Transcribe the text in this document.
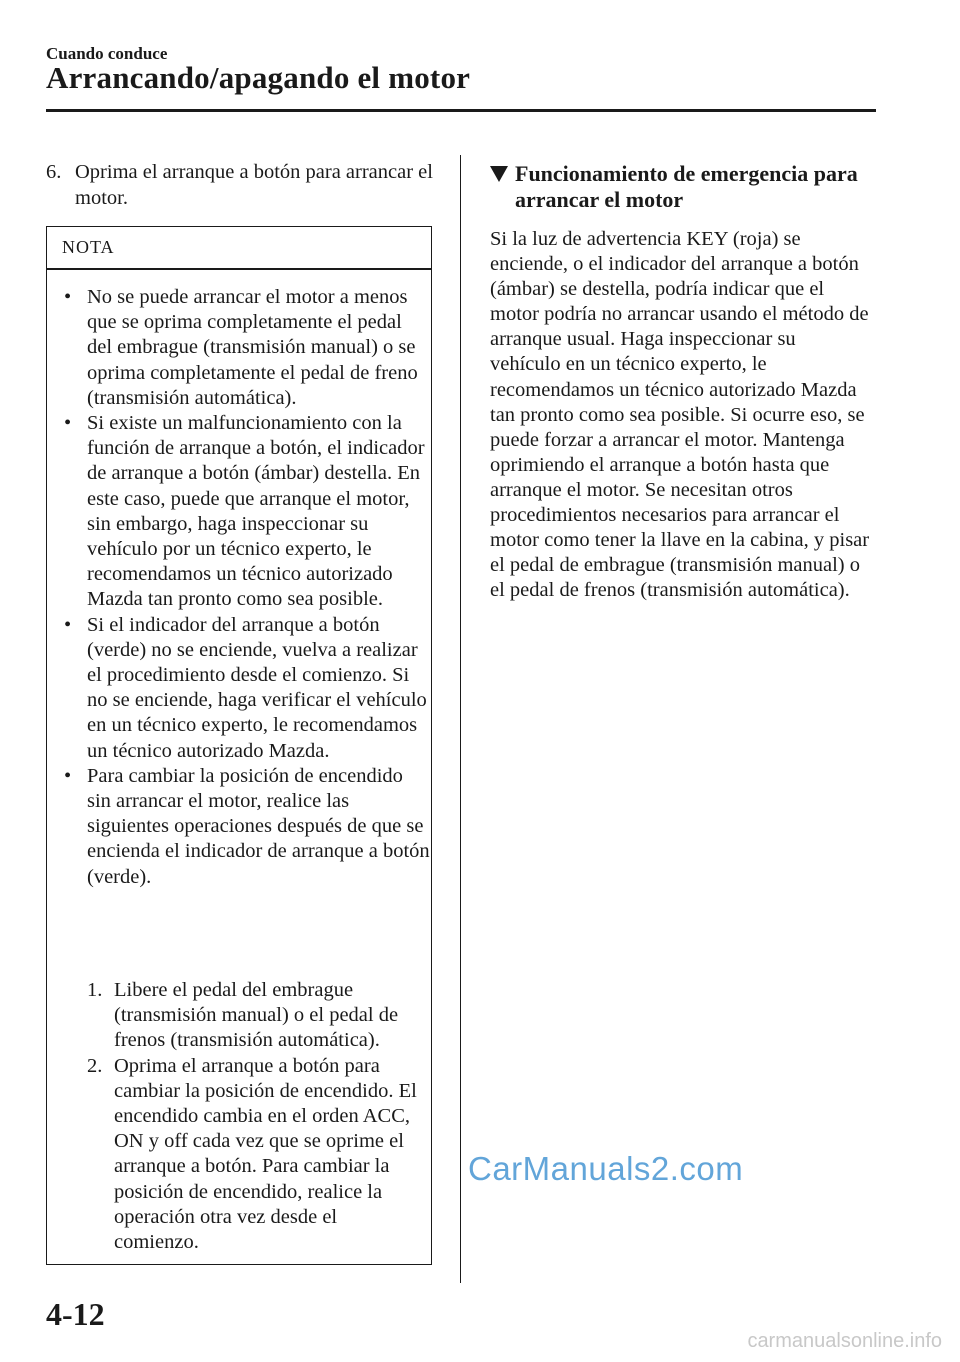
Cuando conduce
Arrancando/apagando el motor
6. Oprima el arranque a botón para arrancar el motor.
NOTA
• No se puede arrancar el motor a menos que se oprima completamente el pedal del embrague (transmisión manual) o se oprima completamente el pedal de freno (transmisión automática).
• Si existe un malfuncionamiento con la función de arranque a botón, el indicador de arranque a botón (ámbar) destella. En este caso, puede que arranque el motor, sin embargo, haga inspeccionar su vehículo por un técnico experto, le recomendamos un técnico autorizado Mazda tan pronto como sea posible.
• Si el indicador del arranque a botón (verde) no se enciende, vuelva a realizar el procedimiento desde el comienzo. Si no se enciende, haga verificar el vehículo en un técnico experto, le recomendamos un técnico autorizado Mazda.
• Para cambiar la posición de encendido sin arrancar el motor, realice las siguientes operaciones después de que se encienda el indicador de arranque a botón (verde).
1. Libere el pedal del embrague (transmisión manual) o el pedal de frenos (transmisión automática).
2. Oprima el arranque a botón para cambiar la posición de encendido. El encendido cambia en el orden ACC, ON y off cada vez que se oprime el arranque a botón. Para cambiar la posición de encendido, realice la operación otra vez desde el comienzo.
Funcionamiento de emergencia para arrancar el motor

Si la luz de advertencia KEY (roja) se enciende, o el indicador del arranque a botón (ámbar) se destella, podría indicar que el motor podría no arrancar usando el método de arranque usual. Haga inspeccionar su vehículo en un técnico experto, le recomendamos un técnico autorizado Mazda tan pronto como sea posible. Si ocurre eso, se puede forzar a arrancar el motor. Mantenga oprimiendo el arranque a botón hasta que arranque el motor. Se necesitan otros procedimientos necesarios para arrancar el motor como tener la llave en la cabina, y pisar el pedal de embrague (transmisión manual) o el pedal de frenos (transmisión automática).

CarManuals2.com
4-12
carmanualsonline.info
